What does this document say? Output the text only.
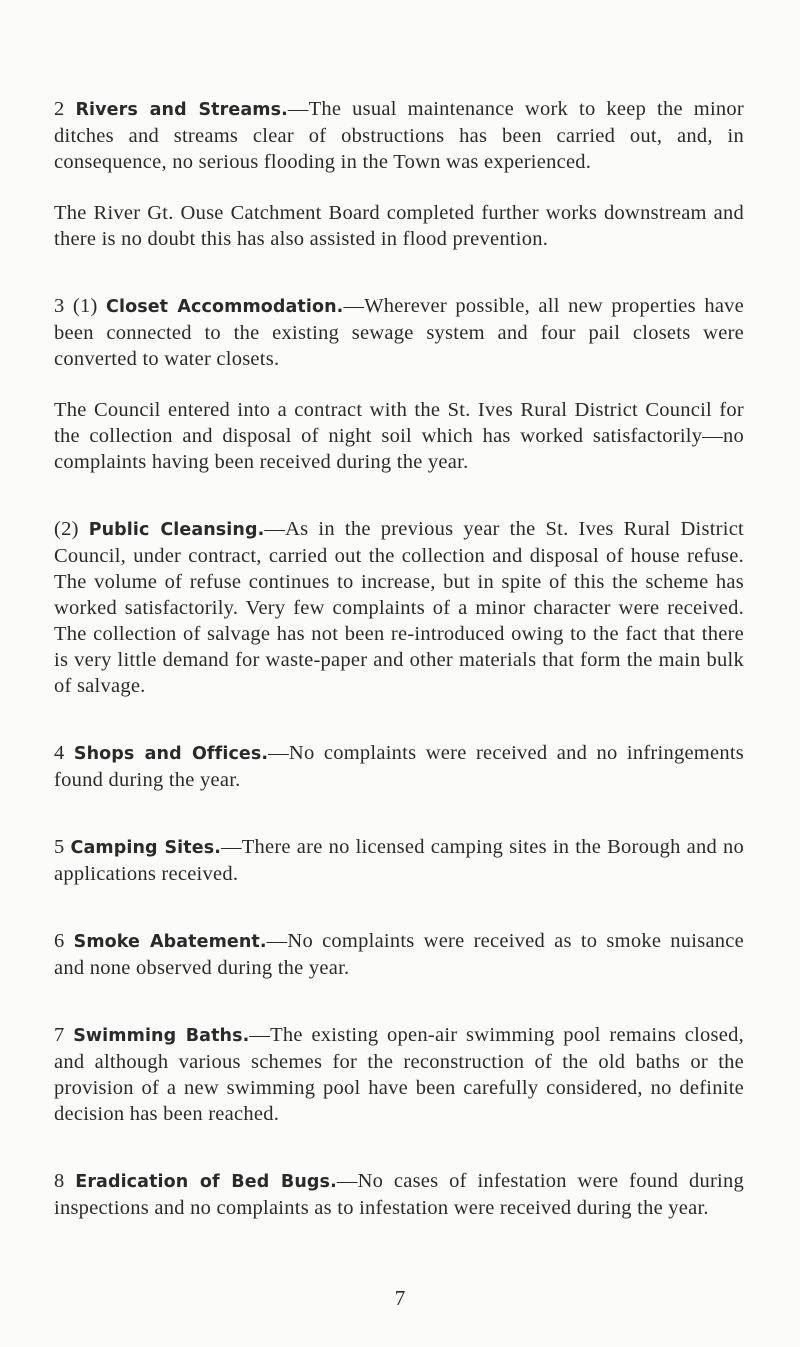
2 Rivers and Streams.—The usual maintenance work to keep the minor ditches and streams clear of obstructions has been carried out, and, in consequence, no serious flooding in the Town was experienced.

The River Gt. Ouse Catchment Board completed further works downstream and there is no doubt this has also assisted in flood prevention.

3 (1) Closet Accommodation.—Wherever possible, all new properties have been connected to the existing sewage system and four pail closets were converted to water closets.

The Council entered into a contract with the St. Ives Rural District Council for the collection and disposal of night soil which has worked satisfactorily—no complaints having been received during the year.

(2) Public Cleansing.—As in the previous year the St. Ives Rural District Council, under contract, carried out the collection and disposal of house refuse. The volume of refuse continues to increase, but in spite of this the scheme has worked satisfactorily. Very few complaints of a minor character were received. The collection of salvage has not been re-introduced owing to the fact that there is very little demand for waste-paper and other materials that form the main bulk of salvage.

4 Shops and Offices.—No complaints were received and no infringements found during the year.

5 Camping Sites.—There are no licensed camping sites in the Borough and no applications received.

6 Smoke Abatement.—No complaints were received as to smoke nuisance and none observed during the year.

7 Swimming Baths.—The existing open-air swimming pool remains closed, and although various schemes for the reconstruction of the old baths or the provision of a new swimming pool have been carefully considered, no definite decision has been reached.

8 Eradication of Bed Bugs.—No cases of infestation were found during inspections and no complaints as to infestation were received during the year.

7
